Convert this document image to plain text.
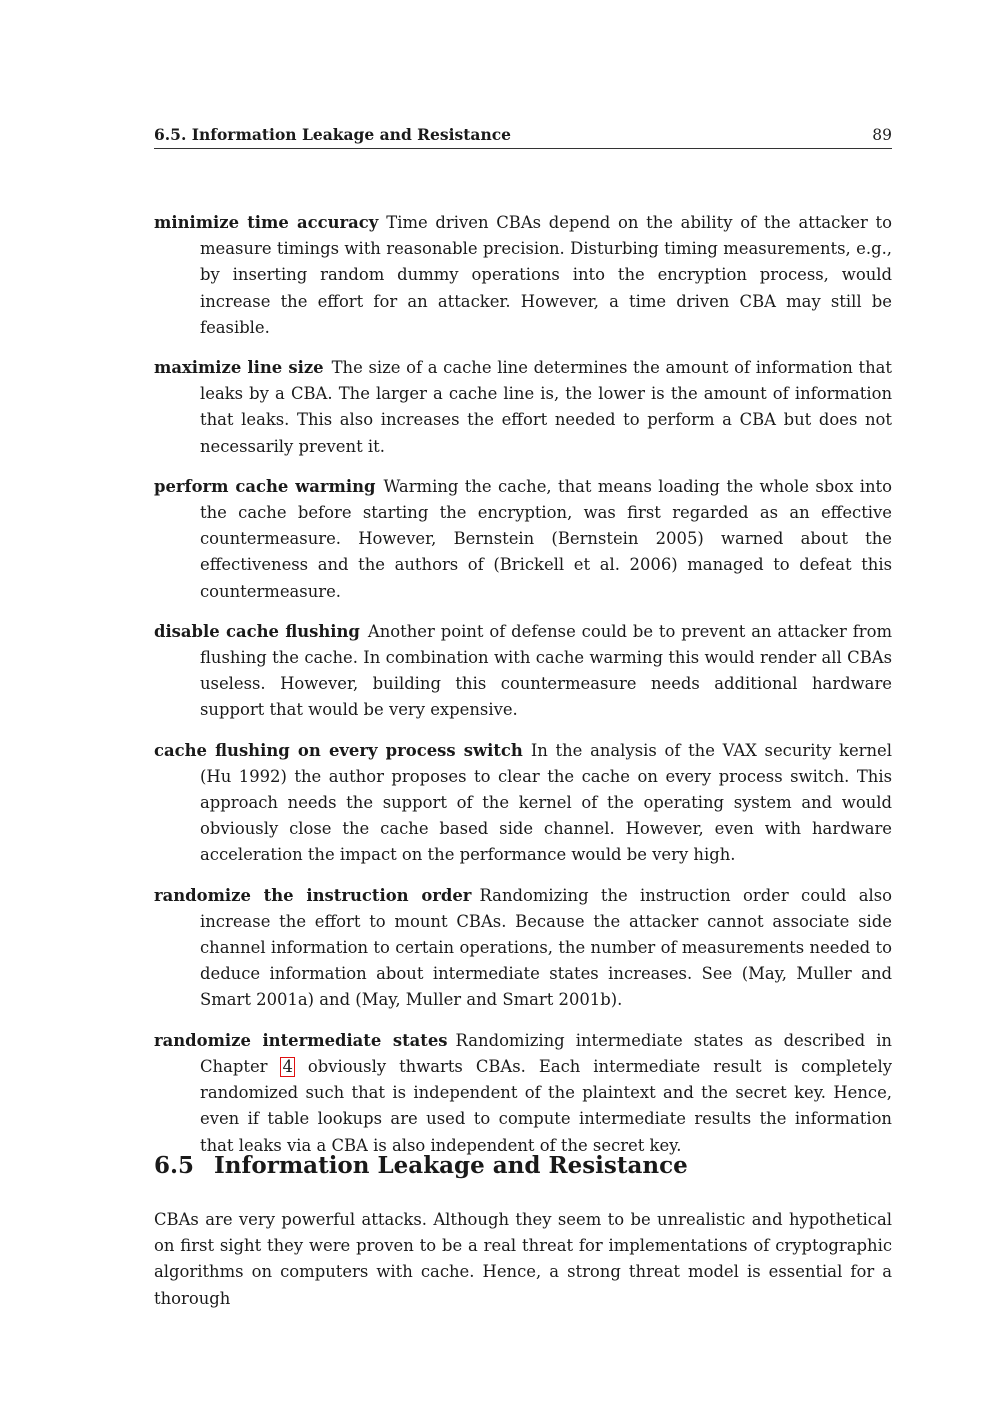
6.5. Information Leakage and Resistance	89

minimize time accuracy Time driven CBAs depend on the ability of the attacker to measure timings with reasonable precision. Disturbing timing measurements, e.g., by inserting random dummy operations into the encryption process, would increase the effort for an attacker. However, a time driven CBA may still be feasible.

maximize line size The size of a cache line determines the amount of information that leaks by a CBA. The larger a cache line is, the lower is the amount of information that leaks. This also increases the effort needed to perform a CBA but does not necessarily prevent it.

perform cache warming Warming the cache, that means loading the whole sbox into the cache before starting the encryption, was first regarded as an effective countermeasure. However, Bernstein (Bernstein 2005) warned about the effectiveness and the authors of (Brickell et al. 2006) managed to defeat this countermeasure.

disable cache flushing Another point of defense could be to prevent an attacker from flushing the cache. In combination with cache warming this would render all CBAs useless. However, building this countermeasure needs additional hardware support that would be very expensive.

cache flushing on every process switch In the analysis of the VAX security kernel (Hu 1992) the author proposes to clear the cache on every process switch. This approach needs the support of the kernel of the operating system and would obviously close the cache based side channel. However, even with hardware acceleration the impact on the performance would be very high.

randomize the instruction order Randomizing the instruction order could also increase the effort to mount CBAs. Because the attacker cannot associate side channel information to certain operations, the number of measurements needed to deduce information about intermediate states increases. See (May, Muller and Smart 2001a) and (May, Muller and Smart 2001b).

randomize intermediate states Randomizing intermediate states as described in Chapter 4 obviously thwarts CBAs. Each intermediate result is completely randomized such that is independent of the plaintext and the secret key. Hence, even if table lookups are used to compute intermediate results the information that leaks via a CBA is also independent of the secret key.

6.5 Information Leakage and Resistance

CBAs are very powerful attacks. Although they seem to be unrealistic and hypothetical on first sight they were proven to be a real threat for implementations of cryptographic algorithms on computers with cache. Hence, a strong threat model is essential for a thorough
